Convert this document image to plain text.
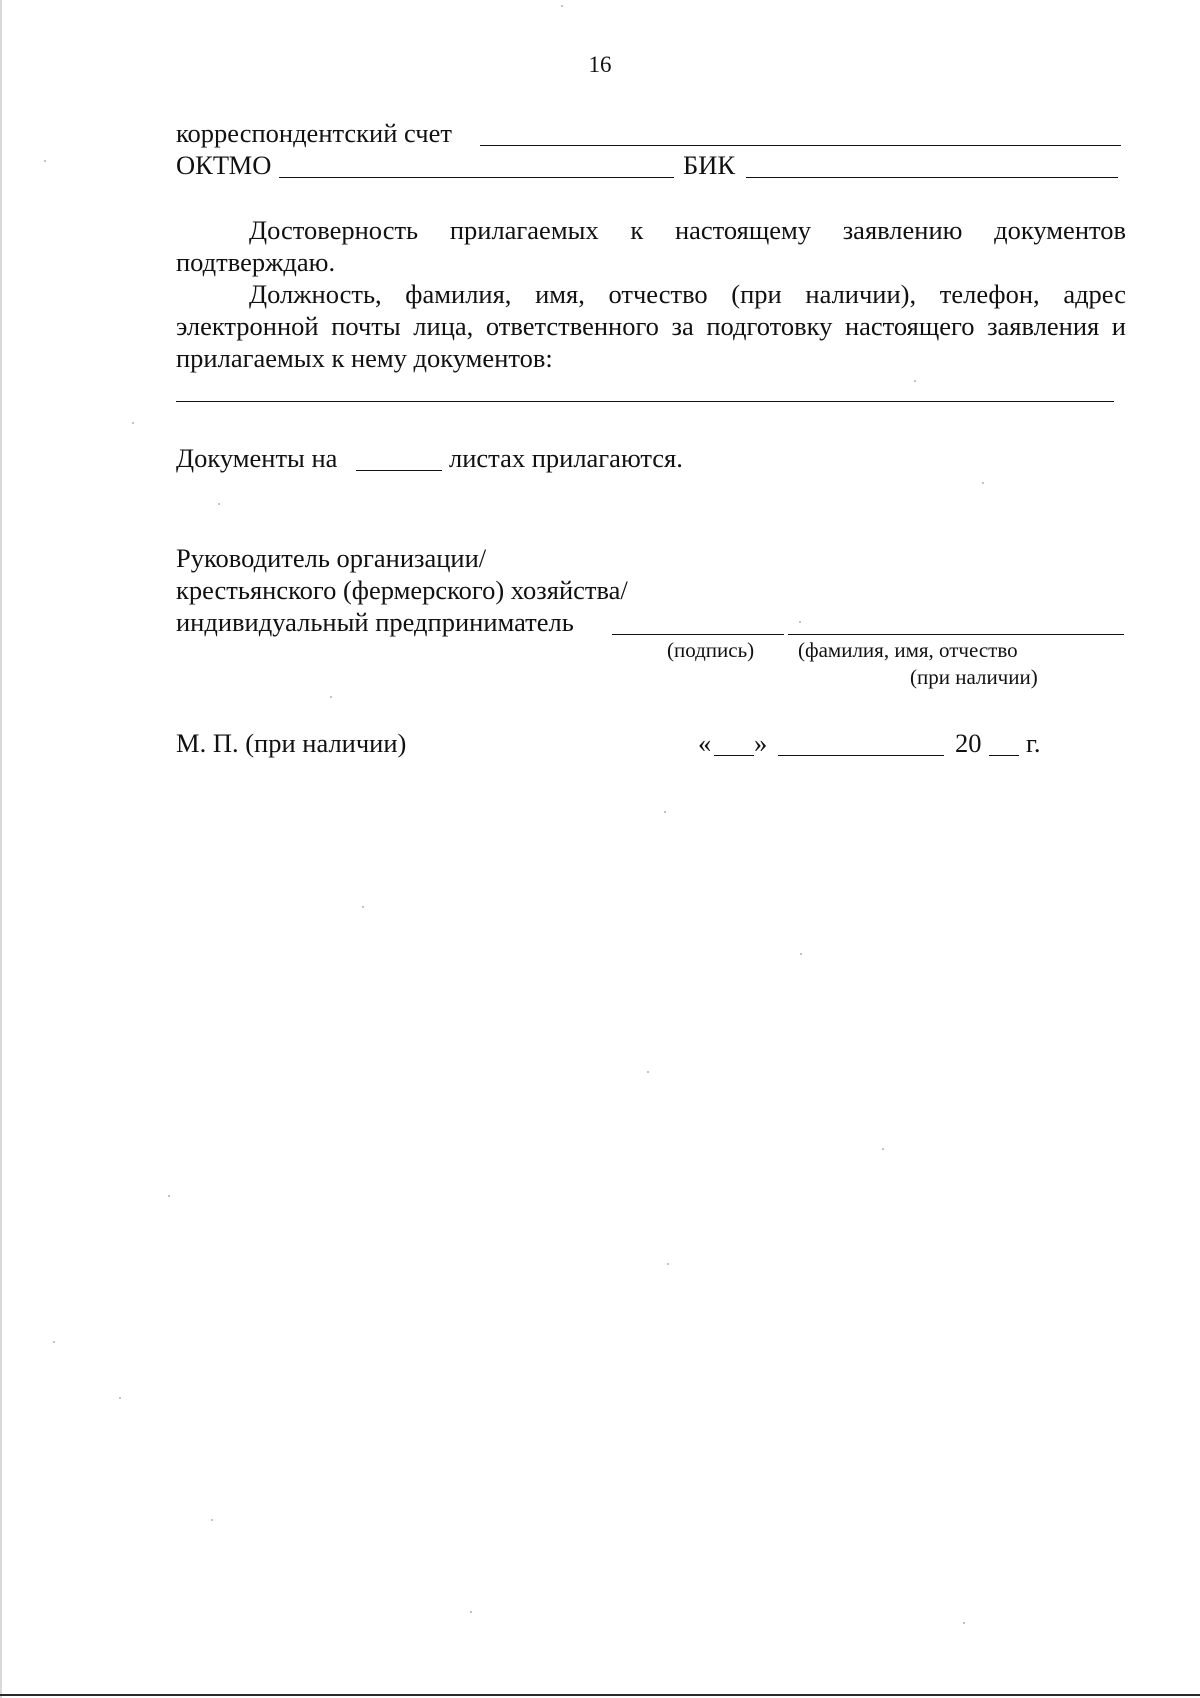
16
корреспондентский счет
ОКТМО	БИК
Достоверность прилагаемых к настоящему заявлению документов подтверждаю.
Должность, фамилия, имя, отчество (при наличии), телефон, адрес электронной почты лица, ответственного за подготовку настоящего заявления и прилагаемых к нему документов:
Документы на	листах прилагаются.
Руководитель организации/
крестьянского (фермерского) хозяйства/
индивидуальный предприниматель
(подпись) (фамилия, имя, отчество
(при наличии)
М. П. (при наличии)	« »	20 г.
